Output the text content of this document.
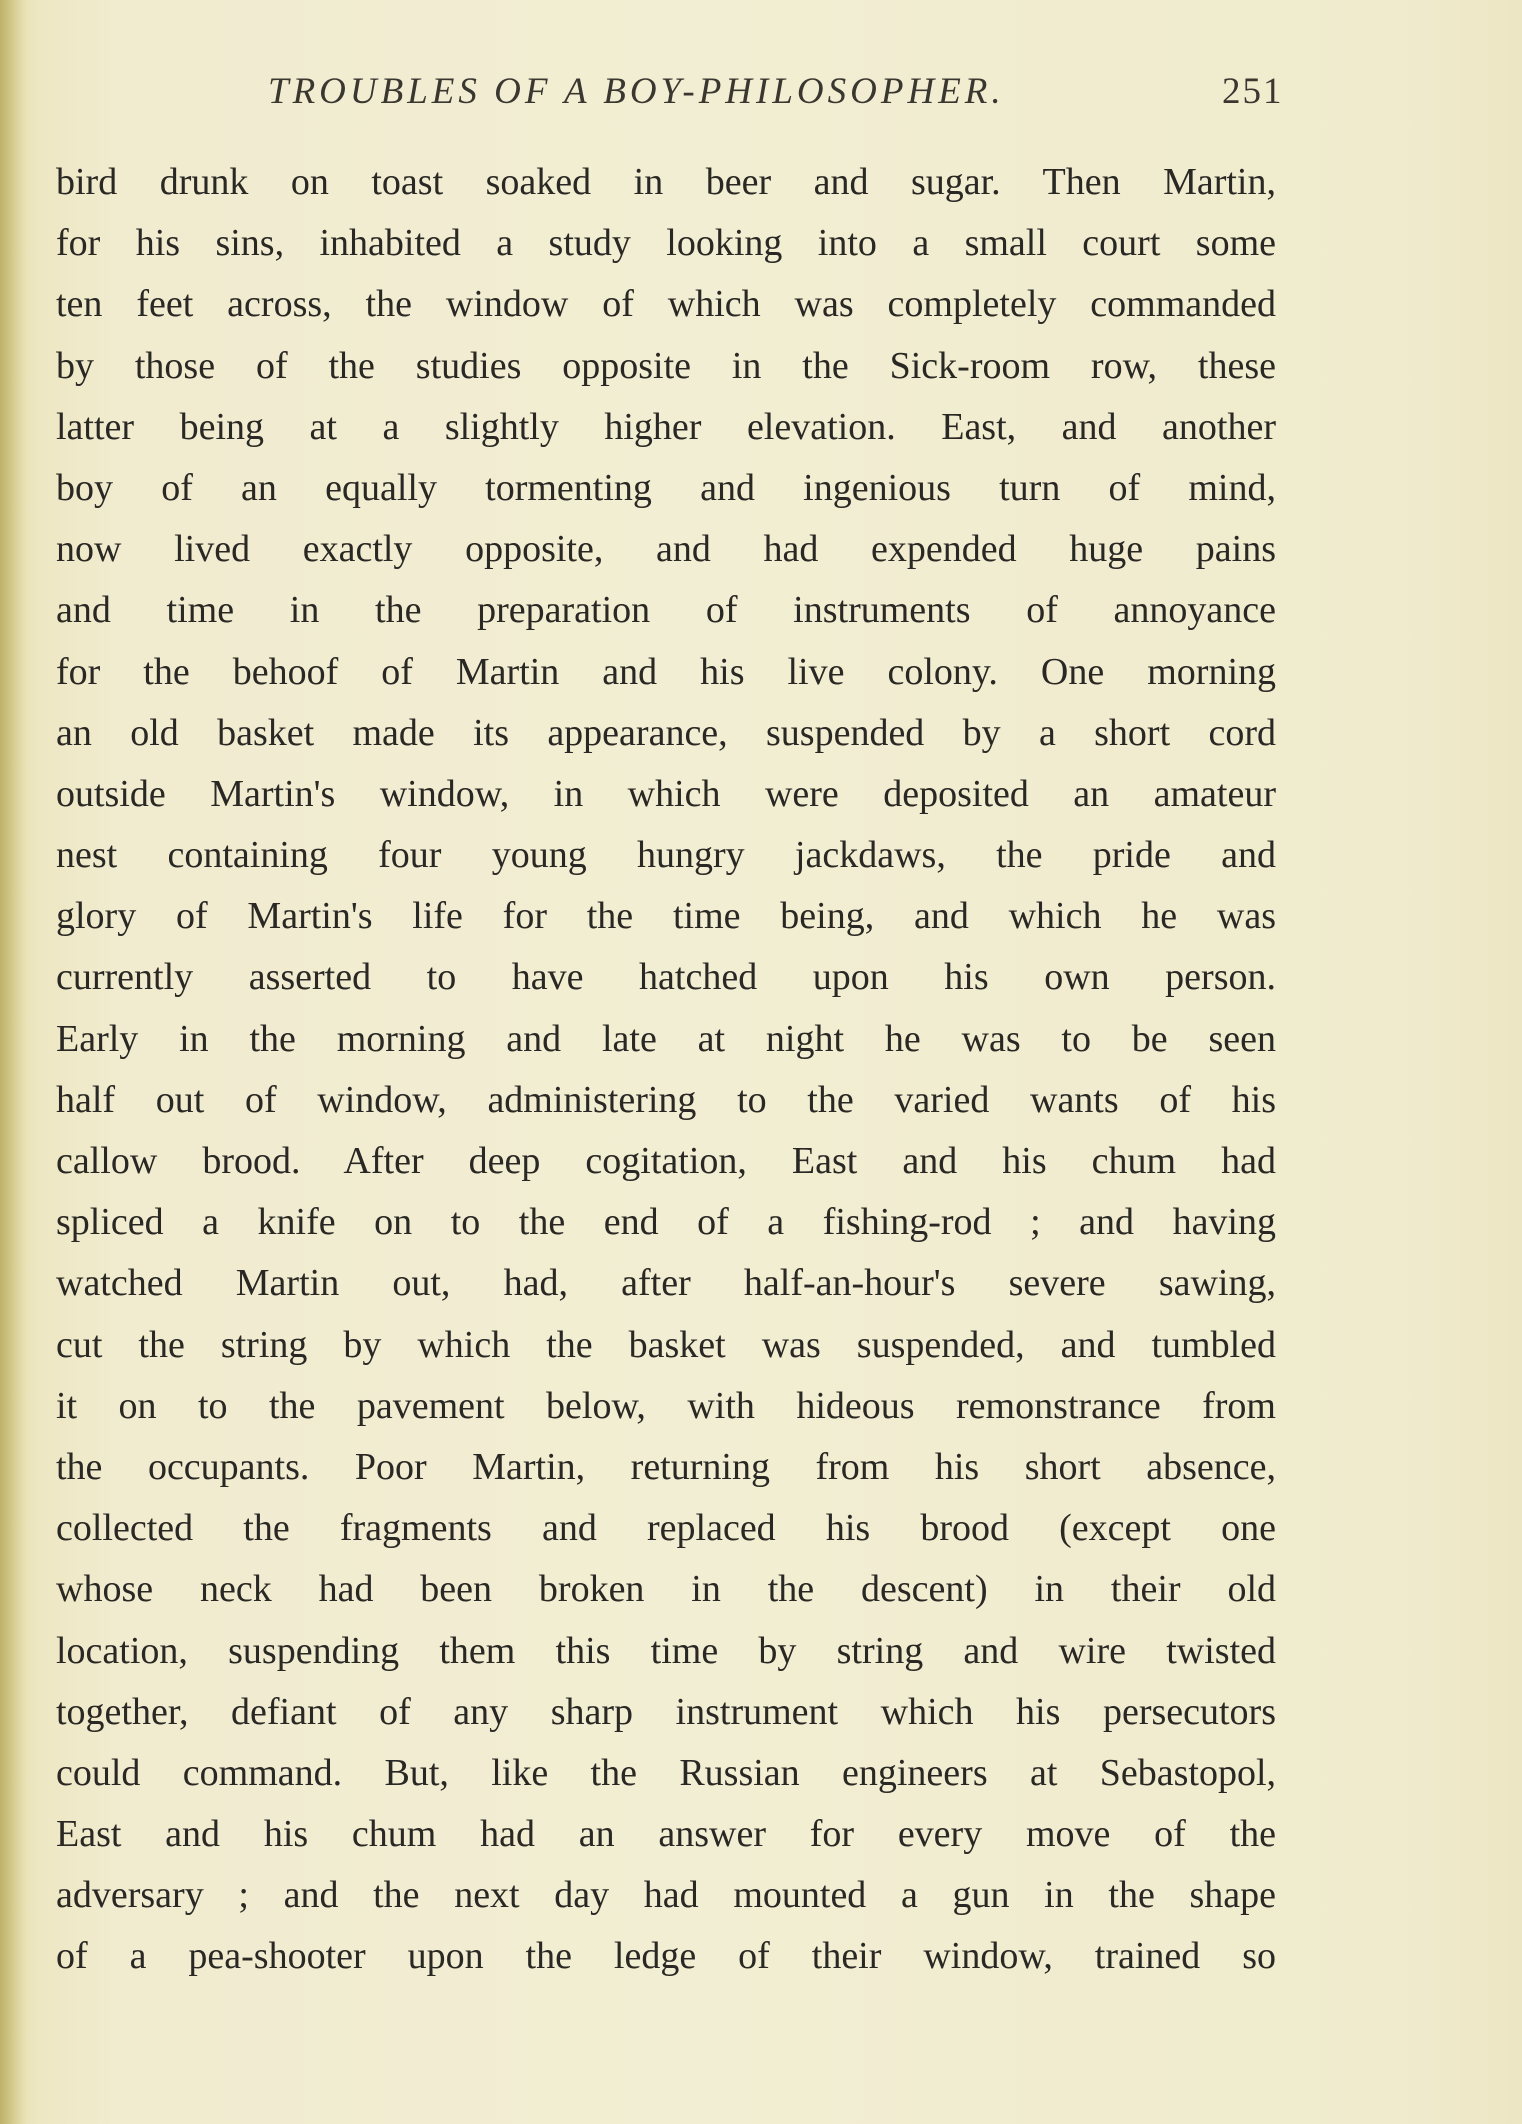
TROUBLES OF A BOY-PHILOSOPHER.	251
bird drunk on toast soaked in beer and sugar. Then Martin,
for his sins, inhabited a study looking into a small court some
ten feet across, the window of which was completely commanded
by those of the studies opposite in the Sick-room row, these
latter being at a slightly higher elevation. East, and another
boy of an equally tormenting and ingenious turn of mind,
now lived exactly opposite, and had expended huge pains
and time in the preparation of instruments of annoyance
for the behoof of Martin and his live colony. One morning
an old basket made its appearance, suspended by a short cord
outside Martin's window, in which were deposited an amateur
nest containing four young hungry jackdaws, the pride and
glory of Martin's life for the time being, and which he was
currently asserted to have hatched upon his own person.
Early in the morning and late at night he was to be seen
half out of window, administering to the varied wants of his
callow brood. After deep cogitation, East and his chum had
spliced a knife on to the end of a fishing-rod ; and having
watched Martin out, had, after half-an-hour's severe sawing,
cut the string by which the basket was suspended, and tumbled
it on to the pavement below, with hideous remonstrance from
the occupants. Poor Martin, returning from his short absence,
collected the fragments and replaced his brood (except one
whose neck had been broken in the descent) in their old
location, suspending them this time by string and wire twisted
together, defiant of any sharp instrument which his persecutors
could command. But, like the Russian engineers at Sebastopol,
East and his chum had an answer for every move of the
adversary ; and the next day had mounted a gun in the shape
of a pea-shooter upon the ledge of their window, trained so
